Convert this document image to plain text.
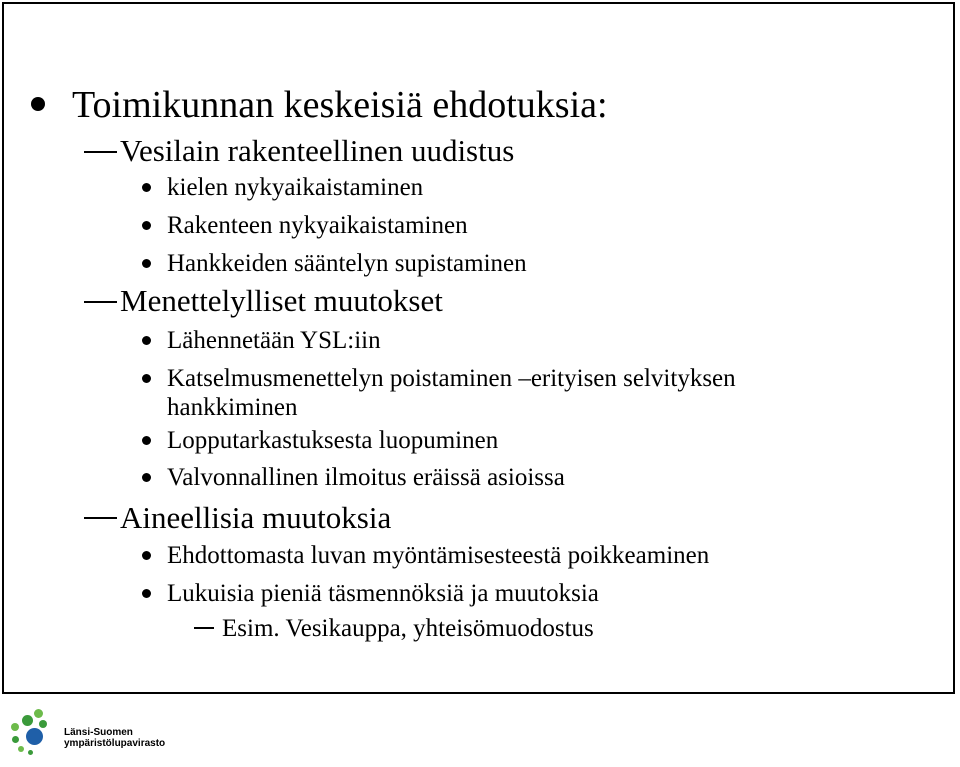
Toimikunnan keskeisiä ehdotuksia:
Vesilain rakenteellinen uudistus
kielen nykyaikaistaminen
Rakenteen nykyaikaistaminen
Hankkeiden sääntelyn supistaminen
Menettelylliset muutokset
Lähennetään YSL:iin
Katselmusmenettelyn poistaminen –erityisen selvityksen
hankkiminen
Lopputarkastuksesta luopuminen
Valvonnallinen ilmoitus eräissä asioissa
Aineellisia muutoksia
Ehdottomasta luvan myöntämisesteestä poikkeaminen
Lukuisia pieniä täsmennöksiä ja muutoksia
Esim. Vesikauppa, yhteisömuodostus
Länsi-Suomen
ympäristölupavirasto
